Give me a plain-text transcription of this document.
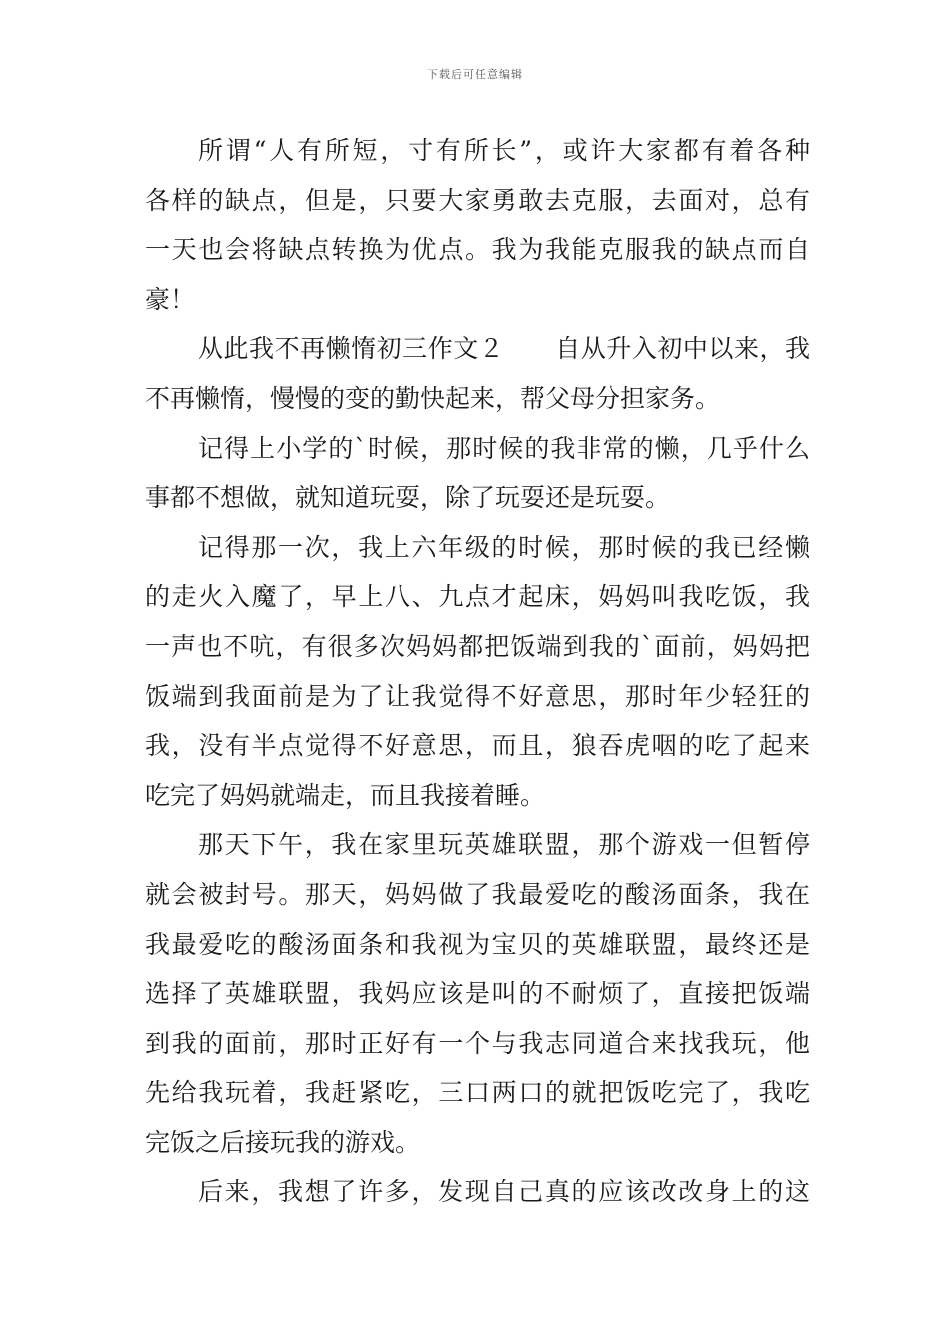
下载后可任意编辑
所谓“人有所短，寸有所长”，或许大家都有着各种
各样的缺点，但是，只要大家勇敢去克服，去面对，总有
一天也会将缺点转换为优点。我为我能克服我的缺点而自
豪！
从此我不再懒惰初三作文２　　自从升入初中以来，我
不再懒惰，慢慢的变的勤快起来，帮父母分担家务。
记得上小学的`时候，那时候的我非常的懒，几乎什么
事都不想做，就知道玩耍，除了玩耍还是玩耍。
记得那一次，我上六年级的时候，那时候的我已经懒
的走火入魔了，早上八、九点才起床，妈妈叫我吃饭，我
一声也不吭，有很多次妈妈都把饭端到我的`面前，妈妈把
饭端到我面前是为了让我觉得不好意思，那时年少轻狂的
我，没有半点觉得不好意思，而且，狼吞虎咽的吃了起来
吃完了妈妈就端走，而且我接着睡。
那天下午，我在家里玩英雄联盟，那个游戏一但暂停
就会被封号。那天，妈妈做了我最爱吃的酸汤面条，我在
我最爱吃的酸汤面条和我视为宝贝的英雄联盟，最终还是
选择了英雄联盟，我妈应该是叫的不耐烦了，直接把饭端
到我的面前，那时正好有一个与我志同道合来找我玩，他
先给我玩着，我赶紧吃，三口两口的就把饭吃完了，我吃
完饭之后接玩我的游戏。
后来，我想了许多，发现自己真的应该改改身上的这
